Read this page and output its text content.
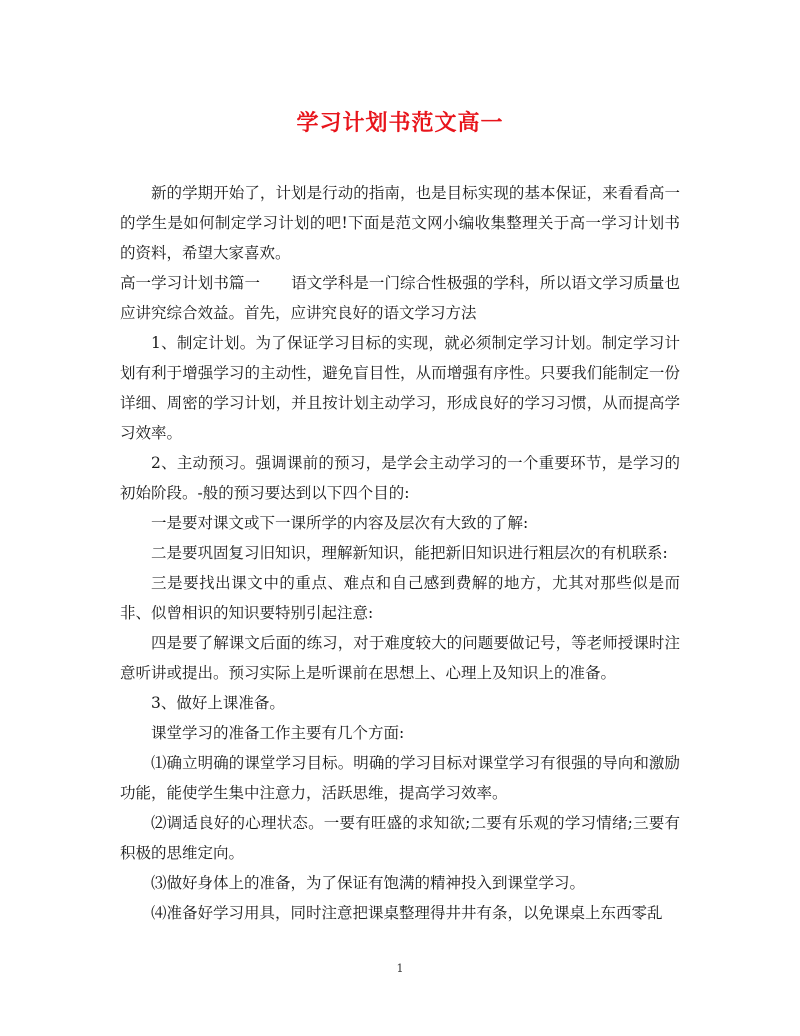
学习计划书范文高一

新的学期开始了，计划是行动的指南，也是目标实现的基本保证，来看看高一的学生是如何制定学习计划的吧!下面是范文网小编收集整理关于高一学习计划书的资料，希望大家喜欢。

高一学习计划书篇一　　语文学科是一门综合性极强的学科，所以语文学习质量也应讲究综合效益。首先，应讲究良好的语文学习方法

1、制定计划。为了保证学习目标的实现，就必须制定学习计划。制定学习计划有利于增强学习的主动性，避免盲目性，从而增强有序性。只要我们能制定一份详细、周密的学习计划，并且按计划主动学习，形成良好的学习习惯，从而提高学习效率。

2、主动预习。强调课前的预习，是学会主动学习的一个重要环节，是学习的初始阶段。-般的预习要达到以下四个目的:

一是要对课文或下一课所学的内容及层次有大致的了解:

二是要巩固复习旧知识，理解新知识，能把新旧知识进行粗层次的有机联系:

三是要找出课文中的重点、难点和自己感到费解的地方，尤其对那些似是而非、似曾相识的知识要特别引起注意:

四是要了解课文后面的练习，对于难度较大的问题要做记号，等老师授课时注意听讲或提出。预习实际上是听课前在思想上、心理上及知识上的准备。

3、做好上课准备。

课堂学习的准备工作主要有几个方面:

⑴确立明确的课堂学习目标。明确的学习目标对课堂学习有很强的导向和激励功能，能使学生集中注意力，活跃思维，提高学习效率。

⑵调适良好的心理状态。一要有旺盛的求知欲;二要有乐观的学习情绪;三要有积极的思维定向。

⑶做好身体上的准备，为了保证有饱满的精神投入到课堂学习。

⑷准备好学习用具，同时注意把课桌整理得井井有条，以免课桌上东西零乱

1
